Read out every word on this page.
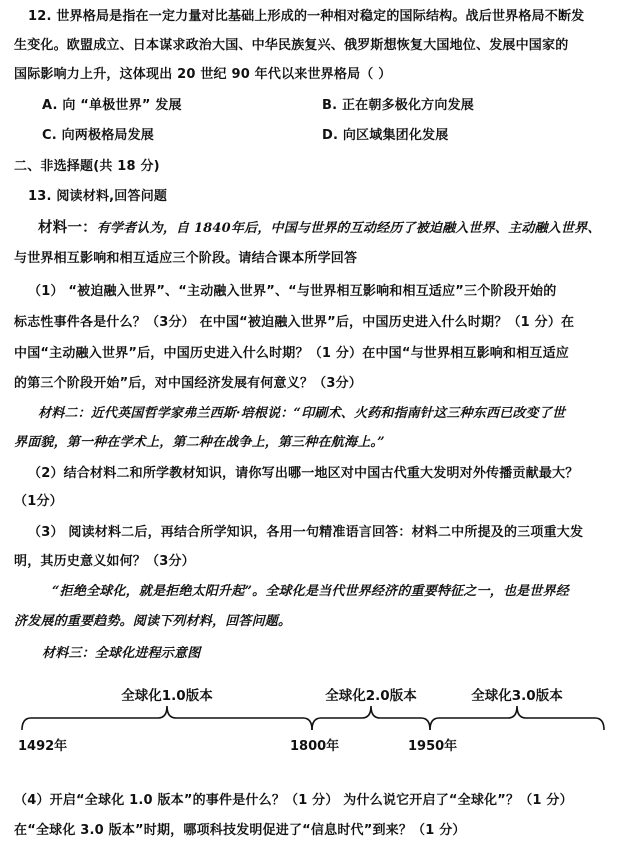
12. 世界格局是指在一定力量对比基础上形成的一种相对稳定的国际结构。战后世界格局不断发
生变化。欧盟成立、日本谋求政治大国、中华民族复兴、俄罗斯想恢复大国地位、发展中国家的
国际影响力上升，这体现出 20 世纪 90 年代以来世界格局（ ）
A. 向 “单极世界” 发展	B. 正在朝多极化方向发展
C. 向两极格局发展	D. 向区域集团化发展
二、非选择题(共 18 分)
13. 阅读材料,回答问题
材料一：有学者认为，自 1840年后，中国与世界的互动经历了被迫融入世界、主动融入世界、
与世界相互影响和相互适应三个阶段。请结合课本所学回答
（1） “被迫融入世界”、“主动融入世界”、“与世界相互影响和相互适应”三个阶段开始的
标志性事件各是什么？（3分） 在中国“被迫融入世界”后，中国历史进入什么时期？（1 分）在
中国“主动融入世界”后，中国历史进入什么时期？（1 分）在中国“与世界相互影响和相互适应
的第三个阶段开始”后，对中国经济发展有何意义？（3分）
材料二：近代英国哲学家弗兰西斯·培根说：“印刷术、火药和指南针这三种东西已改变了世
界面貌，第一种在学术上，第二种在战争上，第三种在航海上。”
（2）结合材料二和所学教材知识，请你写出哪一地区对中国古代重大发明对外传播贡献最大？
（1分）
（3） 阅读材料二后，再结合所学知识，各用一句精准语言回答：材料二中所提及的三项重大发
明，其历史意义如何？（3分）
“拒绝全球化，就是拒绝太阳升起”。全球化是当代世界经济的重要特征之一，也是世界经
济发展的重要趋势。阅读下列材料，回答问题。
材料三：全球化进程示意图
全球化1.0版本	全球化2.0版本	全球化3.0版本
1492年	1800年	1950年
（4）开启“全球化 1.0 版本”的事件是什么？（1 分） 为什么说它开启了“全球化”？（1 分）
在“全球化 3.0 版本”时期，哪项科技发明促进了“信息时代”到来？（1 分）
